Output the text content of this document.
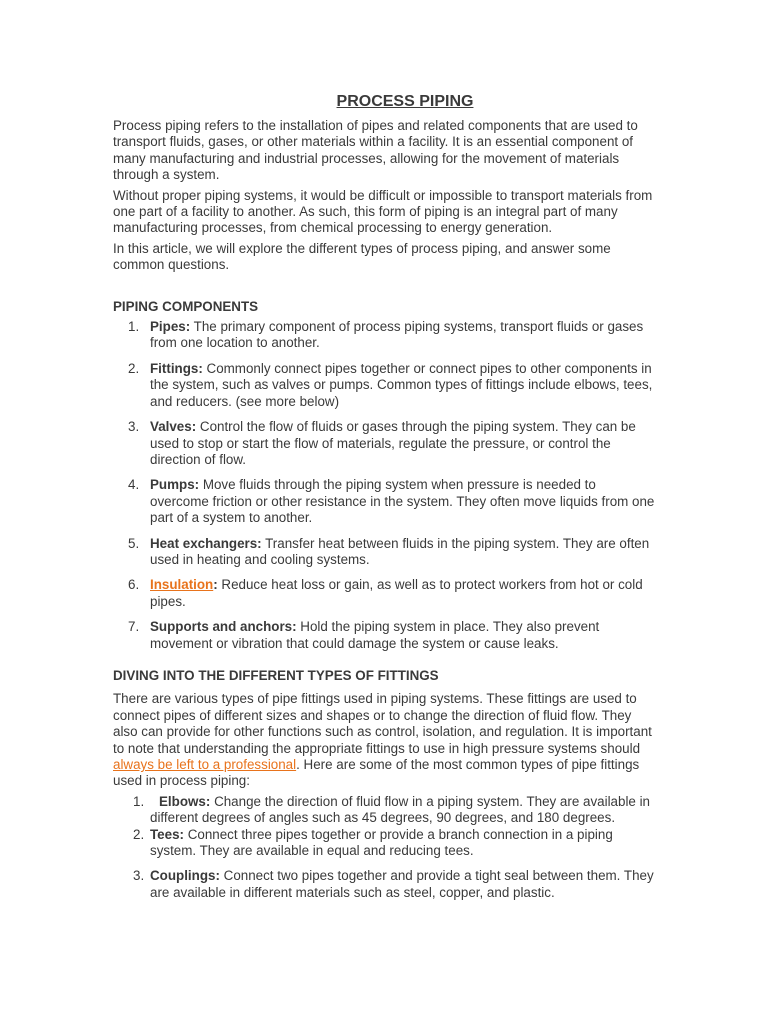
PROCESS PIPING

Process piping refers to the installation of pipes and related components that are used to transport fluids, gases, or other materials within a facility. It is an essential component of many manufacturing and industrial processes, allowing for the movement of materials through a system.

Without proper piping systems, it would be difficult or impossible to transport materials from one part of a facility to another. As such, this form of piping is an integral part of many manufacturing processes, from chemical processing to energy generation.

In this article, we will explore the different types of process piping, and answer some common questions.

PIPING COMPONENTS
1. Pipes: The primary component of process piping systems, transport fluids or gases from one location to another.
2. Fittings: Commonly connect pipes together or connect pipes to other components in the system, such as valves or pumps. Common types of fittings include elbows, tees, and reducers. (see more below)
3. Valves: Control the flow of fluids or gases through the piping system. They can be used to stop or start the flow of materials, regulate the pressure, or control the direction of flow.
4. Pumps: Move fluids through the piping system when pressure is needed to overcome friction or other resistance in the system. They often move liquids from one part of a system to another.
5. Heat exchangers: Transfer heat between fluids in the piping system. They are often used in heating and cooling systems.
6. Insulation: Reduce heat loss or gain, as well as to protect workers from hot or cold pipes.
7. Supports and anchors: Hold the piping system in place. They also prevent movement or vibration that could damage the system or cause leaks.
DIVING INTO THE DIFFERENT TYPES OF FITTINGS

There are various types of pipe fittings used in piping systems. These fittings are used to connect pipes of different sizes and shapes or to change the direction of fluid flow. They also can provide for other functions such as control, isolation, and regulation. It is important to note that understanding the appropriate fittings to use in high pressure systems should always be left to a professional. Here are some of the most common types of pipe fittings used in process piping:

1.	Elbows: Change the direction of fluid flow in a piping system. They are available in different degrees of angles such as 45 degrees, 90 degrees, and 180 degrees.
2. Tees: Connect three pipes together or provide a branch connection in a piping system. They are available in equal and reducing tees.
3. Couplings: Connect two pipes together and provide a tight seal between them. They are available in different materials such as steel, copper, and plastic.
